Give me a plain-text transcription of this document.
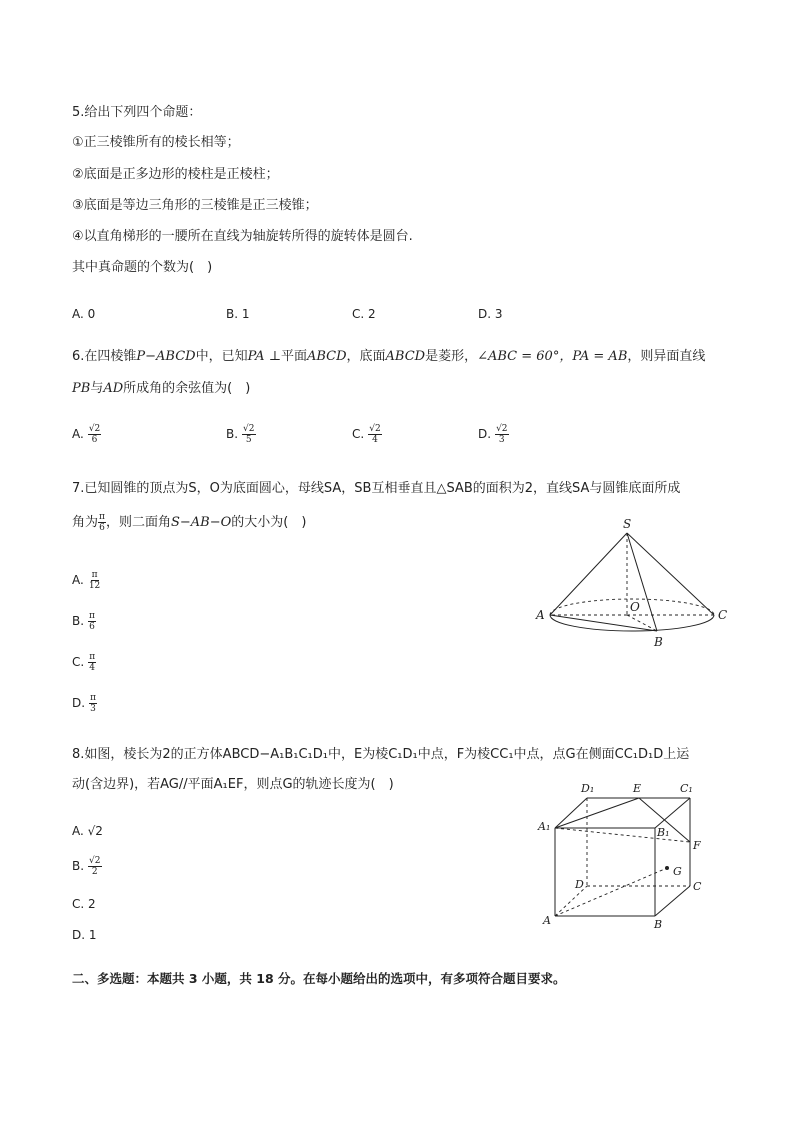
5.给出下列四个命题：
①正三棱锥所有的棱长相等；
②底面是正多边形的棱柱是正棱柱；
③底面是等边三角形的三棱锥是正三棱锥；
④以直角梯形的一腰所在直线为轴旋转所得的旋转体是圆台.
其中真命题的个数为(　)
A. 0	B. 1	C. 2	D. 3
6.在四棱锥P−ABCD中，已知PA ⊥平面ABCD，底面ABCD是菱形，∠ABC = 60°，PA = AB，则异面直线
PB与AD所成角的余弦值为(　)
A. $\frac{√2}{6}$	B. $\frac{√2}{5}$	C. $\frac{√2}{4}$	D. $\frac{√2}{3}$
7.已知圆锥的顶点为S，O为底面圆心，母线SA，SB互相垂直且△SAB的面积为2，直线SA与圆锥底面所成
角为 $\frac{\pi}{6}$ ，则二面角S−AB−O的大小为(　)
A. $\frac{\pi}{12}$
B. $\frac{\pi}{6}$
C. $\frac{\pi}{4}$
D. $\frac{\pi}{3}$
S
O
A
B
C
8.如图，棱长为2的正方体ABCD−A₁B₁C₁D₁中，E为棱C₁D₁中点，F为棱CC₁中点，点G在侧面CC₁D₁D上运
动(含边界)，若AG//平面A₁EF，则点G的轨迹长度为(　)
A. √2
B. $\frac{√2}{2}$
C. 2
D. 1
D₁	E	C₁
A₁	B₁
F
G
D	C
A	B
二、多选题：本题共 3 小题，共 18 分。在每小题给出的选项中，有多项符合题目要求。
